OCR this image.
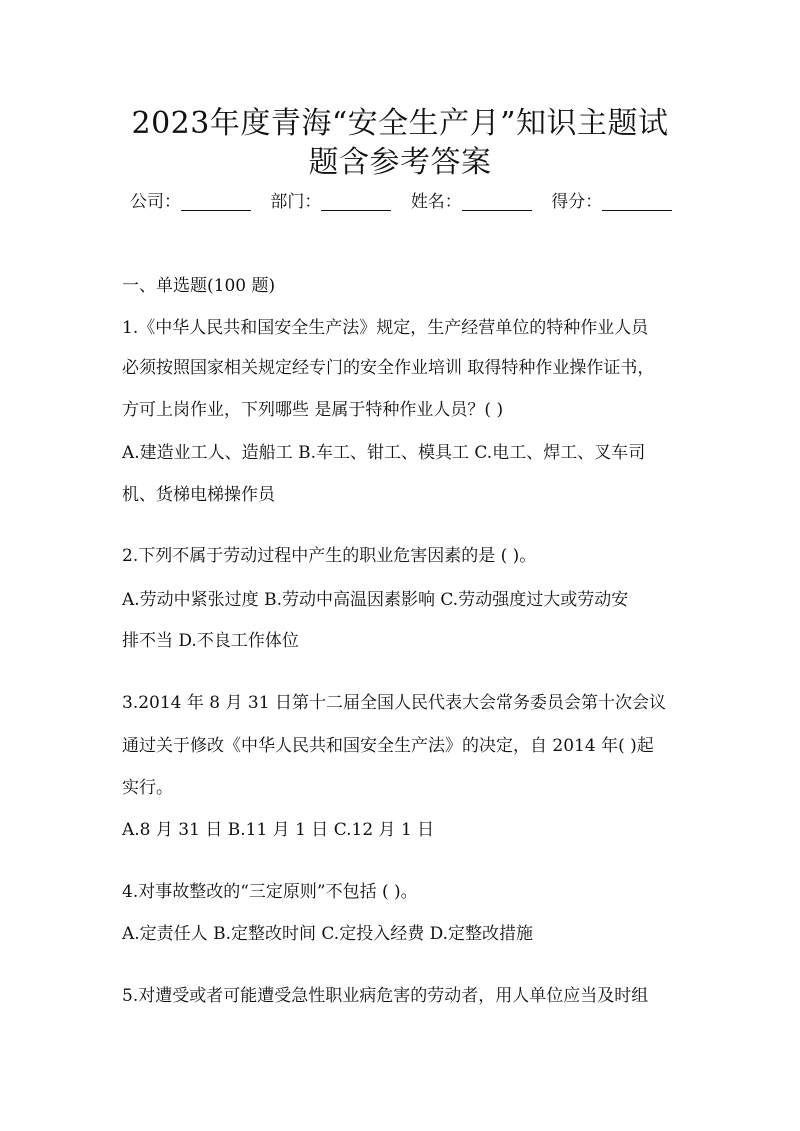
2023年度青海“安全生产月”知识主题试
题含参考答案
公司：	部门：	姓名：	得分：
一、单选题(100 题)
1.《中华人民共和国安全生产法》规定，生产经营单位的特种作业人员
必须按照国家相关规定经专门的安全作业培训 取得特种作业操作证书，
方可上岗作业，下列哪些 是属于特种作业人员？( )
A.建造业工人、造船工 B.车工、钳工、模具工 C.电工、焊工、叉车司
机、货梯电梯操作员
2.下列不属于劳动过程中产生的职业危害因素的是 ( )。
A.劳动中紧张过度 B.劳动中高温因素影响 C.劳动强度过大或劳动安
排不当 D.不良工作体位
3.2014 年 8 月 31 日第十二届全国人民代表大会常务委员会第十次会议
通过关于修改《中华人民共和国安全生产法》的决定，自 2014 年( )起
实行。
A.8 月 31 日 B.11 月 1 日 C.12 月 1 日
4.对事故整改的“三定原则”不包括 ( )。
A.定责任人 B.定整改时间 C.定投入经费 D.定整改措施
5.对遭受或者可能遭受急性职业病危害的劳动者，用人单位应当及时组
